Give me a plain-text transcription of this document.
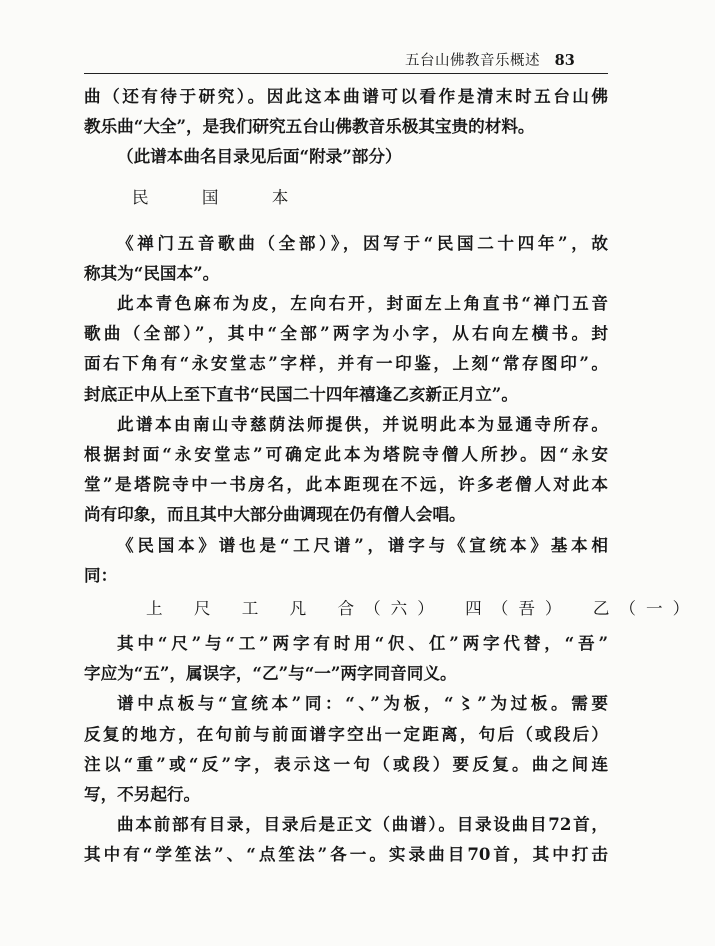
五台山佛教音乐概述 83
曲（还有待于研究）。因此这本曲谱可以看作是清末时五台山佛
教乐曲“大全”，是我们研究五台山佛教音乐极其宝贵的材料。
（此谱本曲名目录见后面“附录”部分）
民 国 本
《禅门五音歌曲（全部）》，因写于“民国二十四年”，故
称其为“民国本”。
此本青色麻布为皮，左向右开，封面左上角直书“禅门五音
歌曲（全部）”，其中“全部”两字为小字，从右向左横书。封
面右下角有“永安堂志”字样，并有一印鉴，上刻“常存图印”。
封底正中从上至下直书“民国二十四年禧逢乙亥新正月立”。
此谱本由南山寺慈荫法师提供，并说明此本为显通寺所存。
根据封面“永安堂志”可确定此本为塔院寺僧人所抄。因“永安
堂”是塔院寺中一书房名，此本距现在不远，许多老僧人对此本
尚有印象，而且其中大部分曲调现在仍有僧人会唱。
《民国本》谱也是“工尺谱”，谱字与《宣统本》基本相
同：
上 尺 工 凡 合（六） 四（吾） 乙（一）
其中“尺”与“工”两字有时用“伬、仜”两字代替，“吾”
字应为“五”，属误字，“乙”与“一”两字同音同义。
谱中点板与“宣统本”同：“、”为板，“〻”为过板。需要
反复的地方，在句前与前面谱字空出一定距离，句后（或段后）
注以“重”或“反”字，表示这一句（或段）要反复。曲之间连
写，不另起行。
曲本前部有目录，目录后是正文（曲谱）。目录设曲目72首，
其中有“学笙法”、“点笙法”各一。实录曲目70首，其中打击
